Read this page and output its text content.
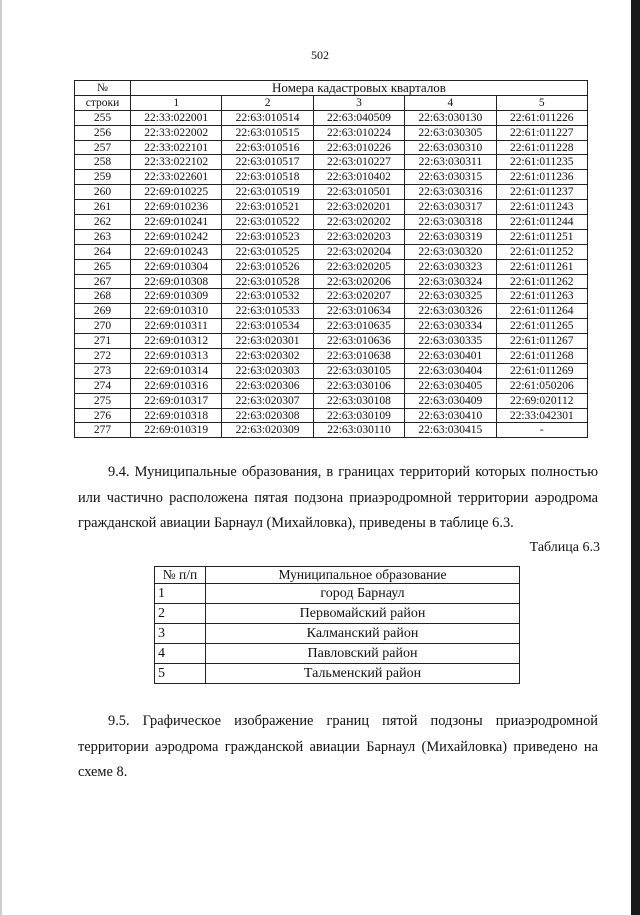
502
№	Номера кадастровых кварталов				
строки	1	2	3	4	5
255	22:33:022001	22:63:010514	22:63:040509	22:63:030130	22:61:011226
256	22:33:022002	22:63:010515	22:63:010224	22:63:030305	22:61:011227
257	22:33:022101	22:63:010516	22:63:010226	22:63:030310	22:61:011228
258	22:33:022102	22:63:010517	22:63:010227	22:63:030311	22:61:011235
259	22:33:022601	22:63:010518	22:63:010402	22:63:030315	22:61:011236
260	22:69:010225	22:63:010519	22:63:010501	22:63:030316	22:61:011237
261	22:69:010236	22:63:010521	22:63:020201	22:63:030317	22:61:011243
262	22:69:010241	22:63:010522	22:63:020202	22:63:030318	22:61:011244
263	22:69:010242	22:63:010523	22:63:020203	22:63:030319	22:61:011251
264	22:69:010243	22:63:010525	22:63:020204	22:63:030320	22:61:011252
265	22:69:010304	22:63:010526	22:63:020205	22:63:030323	22:61:011261
267	22:69:010308	22:63:010528	22:63:020206	22:63:030324	22:61:011262
268	22:69:010309	22:63:010532	22:63:020207	22:63:030325	22:61:011263
269	22:69:010310	22:63:010533	22:63:010634	22:63:030326	22:61:011264
270	22:69:010311	22:63:010534	22:63:010635	22:63:030334	22:61:011265
271	22:69:010312	22:63:020301	22:63:010636	22:63:030335	22:61:011267
272	22:69:010313	22:63:020302	22:63:010638	22:63:030401	22:61:011268
273	22:69:010314	22:63:020303	22:63:030105	22:63:030404	22:61:011269
274	22:69:010316	22:63:020306	22:63:030106	22:63:030405	22:61:050206
275	22:69:010317	22:63:020307	22:63:030108	22:63:030409	22:69:020112
276	22:69:010318	22:63:020308	22:63:030109	22:63:030410	22:33:042301
277	22:69:010319	22:63:020309	22:63:030110	22:63:030415	-

9.4. Муниципальные образования, в границах территорий которых полностью или частично расположена пятая подзона приаэродромной территории аэродрома гражданской авиации Барнаул (Михайловка), приведены в таблице 6.3.

Таблица 6.3
№ п/п	Муниципальное образование
1	город Барнаул
2	Первомайский район
3	Калманский район
4	Павловский район
5	Тальменский район

9.5. Графическое изображение границ пятой подзоны приаэродромной территории аэродрома гражданской авиации Барнаул (Михайловка) приведено на схеме 8.
